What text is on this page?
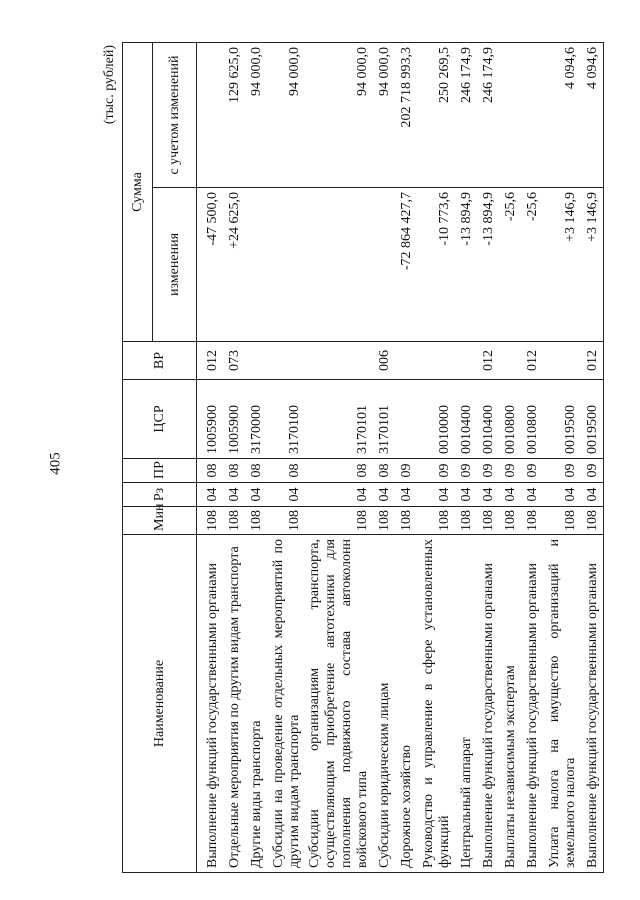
405
(тыс. рублей)
Наименование	Мин	Рз	ПР	ЦСР	ВР	Сумма	
						изменения	с учетом изменений
Выполнение функций государственными органами	108	04	08	1005900	012	-47 500,0	
Отдельные мероприятия по другим видам транспорта	108	04	08	1005900	073	+24 625,0	129 625,0
Другие виды транспорта	108	04	08	3170000			94 000,0
Субсидии на проведение отдельных мероприятий по другим видам транспорта	108	04	08	3170100			94 000,0
Субсидии организациям транспорта, осуществляющим приобретение автотехники для пополнения подвижного состава автоколонн войскового типа	108	04	08	3170101			94 000,0
Субсидии юридическим лицам	108	04	08	3170101	006		94 000,0
Дорожное хозяйство	108	04	09			-72 864 427,7	202 718 993,3
Руководство и управление в сфере установленных функций	108	04	09	0010000		-10 773,6	250 269,5
Центральный аппарат	108	04	09	0010400		-13 894,9	246 174,9
Выполнение функций государственными органами	108	04	09	0010400	012	-13 894,9	246 174,9
Выплаты независимым экспертам	108	04	09	0010800		-25,6	
Выполнение функций государственными органами	108	04	09	0010800	012	-25,6	
Уплата налога на имущество организаций и земельного налога	108	04	09	0019500		+3 146,9	4 094,6
Выполнение функций государственными органами	108	04	09	0019500	012	+3 146,9	4 094,6
